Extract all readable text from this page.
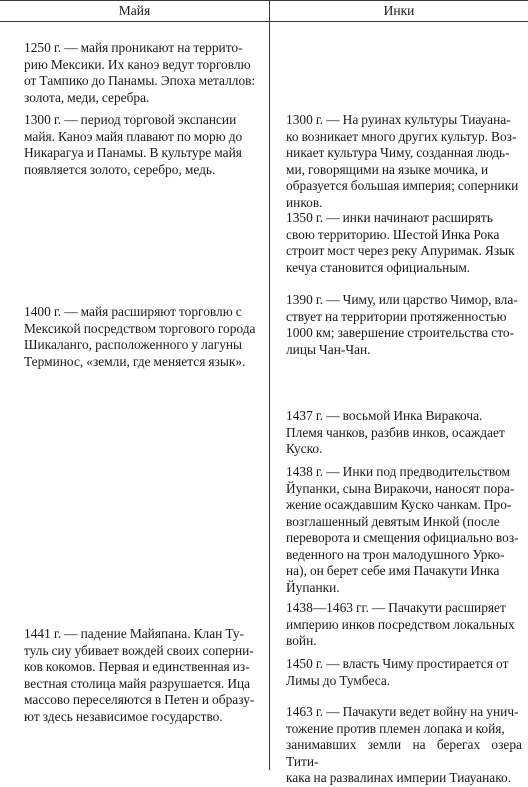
Майя	Инки
1250 г. — майя проникают на террито-
рию Мексики. Их каноэ ведут торговлю
от Тампико до Панамы. Эпоха металлов:
золота, меди, серебра.
1300 г. — период торговой экспансии
майя. Каноэ майя плавают по морю до
Никарагуа и Панамы. В культуре майя
появляется золото, серебро, медь.
1400 г. — майя расширяют торговлю с
Мексикой посредством торгового города
Шикаланго, расположенного у лагуны
Терминос, «земли, где меняется язык».
1441 г. — падение Майяпана. Клан Ту-
туль сиу убивает вождей своих соперни-
ков кокомов. Первая и единственная из-
вестная столица майя разрушается. Ица
массово переселяются в Петен и образу-
ют здесь независимое государство.
1300 г. — На руинах культуры Тиауана-
ко возникает много других культур. Воз-
никает культура Чиму, созданная людь-
ми, говорящими на языке мочика, и
образуется большая империя; соперники
инков.
1350 г. — инки начинают расширять
свою территорию. Шестой Инка Рока
строит мост через реку Апуримак. Язык
кечуа становится официальным.
1390 г. — Чиму, или царство Чимор, вла-
ствует на территории протяженностью
1000 км; завершение строительства сто-
лицы Чан-Чан.
1437 г. — восьмой Инка Виракоча.
Племя чанков, разбив инков, осаждает
Куско.
1438 г. — Инки под предводительством
Йупанки, сына Виракочи, наносят пора-
жение осаждавшим Куско чанкам. Про-
возглашенный девятым Инкой (после
переворота и смещения официально воз-
веденного на трон малодушного Урко-
на), он берет себе имя Пачакути Инка
Йупанки.
1438—1463 гг. — Пачакути расширяет
империю инков посредством локальных
войн.
1450 г. — власть Чиму простирается от
Лимы до Тумбеса.
1463 г. — Пачакути ведет войну на унич-
тожение против племен лопака и койя,
занимавших земли на берегах озера Тити-
кака на развалинах империи Тиауанако.
